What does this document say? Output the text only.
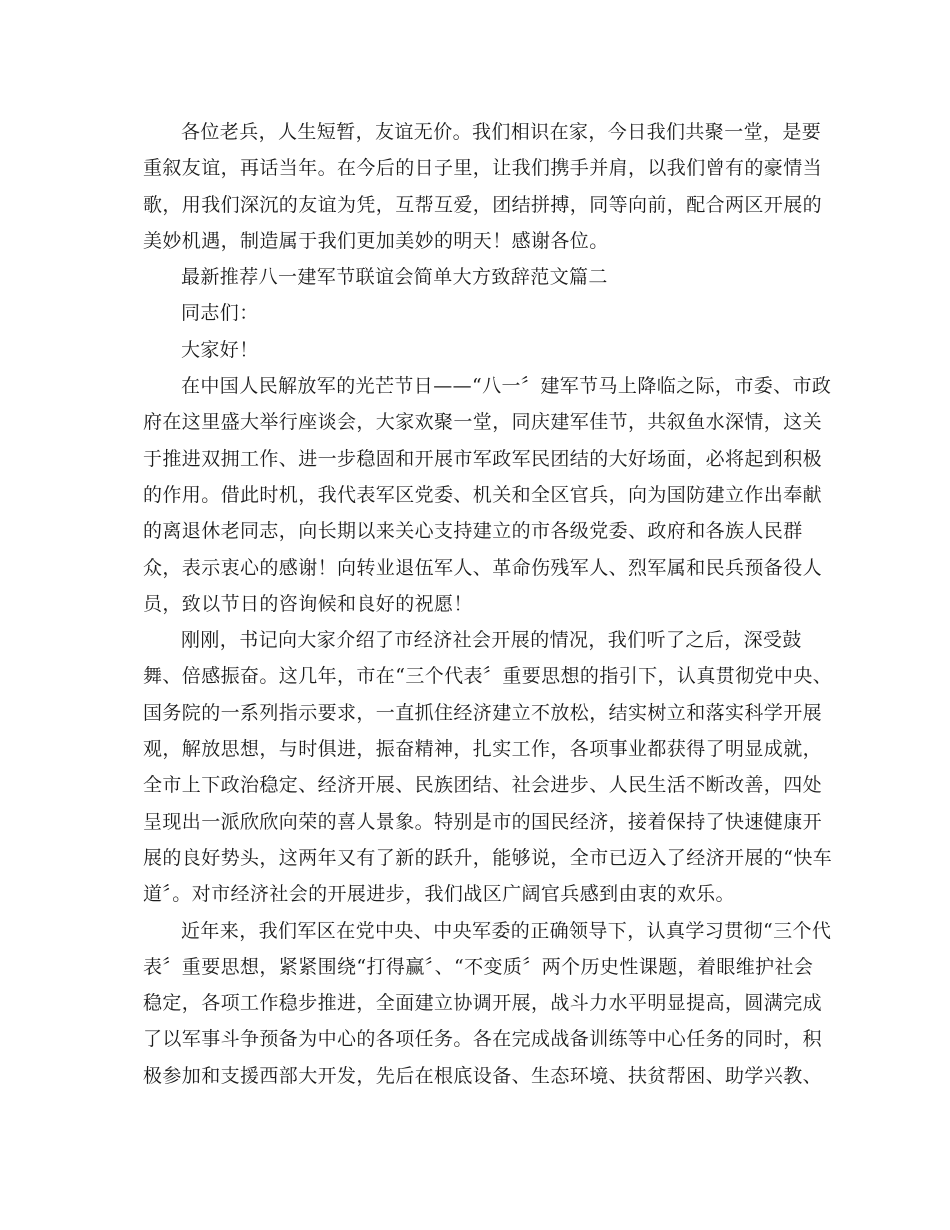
各位老兵，人生短暂，友谊无价。我们相识在家，今日我们共聚一堂，是要
重叙友谊，再话当年。在今后的日子里，让我们携手并肩，以我们曾有的豪情当
歌，用我们深沉的友谊为凭，互帮互爱，团结拼搏，同等向前，配合两区开展的
美妙机遇，制造属于我们更加美妙的明天！感谢各位。

最新推荐八一建军节联谊会简单大方致辞范文篇二

同志们：

大家好！

在中国人民解放军的光芒节日——“八一〞建军节马上降临之际，市委、市政
府在这里盛大举行座谈会，大家欢聚一堂，同庆建军佳节，共叙鱼水深情，这关
于推进双拥工作、进一步稳固和开展市军政军民团结的大好场面，必将起到积极
的作用。借此时机，我代表军区党委、机关和全区官兵，向为国防建立作出奉献
的离退休老同志，向长期以来关心支持建立的市各级党委、政府和各族人民群
众，表示衷心的感谢！向转业退伍军人、革命伤残军人、烈军属和民兵预备役人
员，致以节日的咨询候和良好的祝愿！

刚刚，书记向大家介绍了市经济社会开展的情况，我们听了之后，深受鼓
舞、倍感振奋。这几年，市在“三个代表〞重要思想的指引下，认真贯彻党中央、
国务院的一系列指示要求，一直抓住经济建立不放松，结实树立和落实科学开展
观，解放思想，与时俱进，振奋精神，扎实工作，各项事业都获得了明显成就，
全市上下政治稳定、经济开展、民族团结、社会进步、人民生活不断改善，四处
呈现出一派欣欣向荣的喜人景象。特别是市的国民经济，接着保持了快速健康开
展的良好势头，这两年又有了新的跃升，能够说，全市已迈入了经济开展的“快车
道〞。对市经济社会的开展进步，我们战区广阔官兵感到由衷的欢乐。

近年来，我们军区在党中央、中央军委的正确领导下，认真学习贯彻“三个代
表〞重要思想，紧紧围绕“打得赢〞、“不变质〞两个历史性课题，着眼维护社会
稳定，各项工作稳步推进，全面建立协调开展，战斗力水平明显提高，圆满完成
了以军事斗争预备为中心的各项任务。各在完成战备训练等中心任务的同时，积
极参加和支援西部大开发，先后在根底设备、生态环境、扶贫帮困、助学兴教、
